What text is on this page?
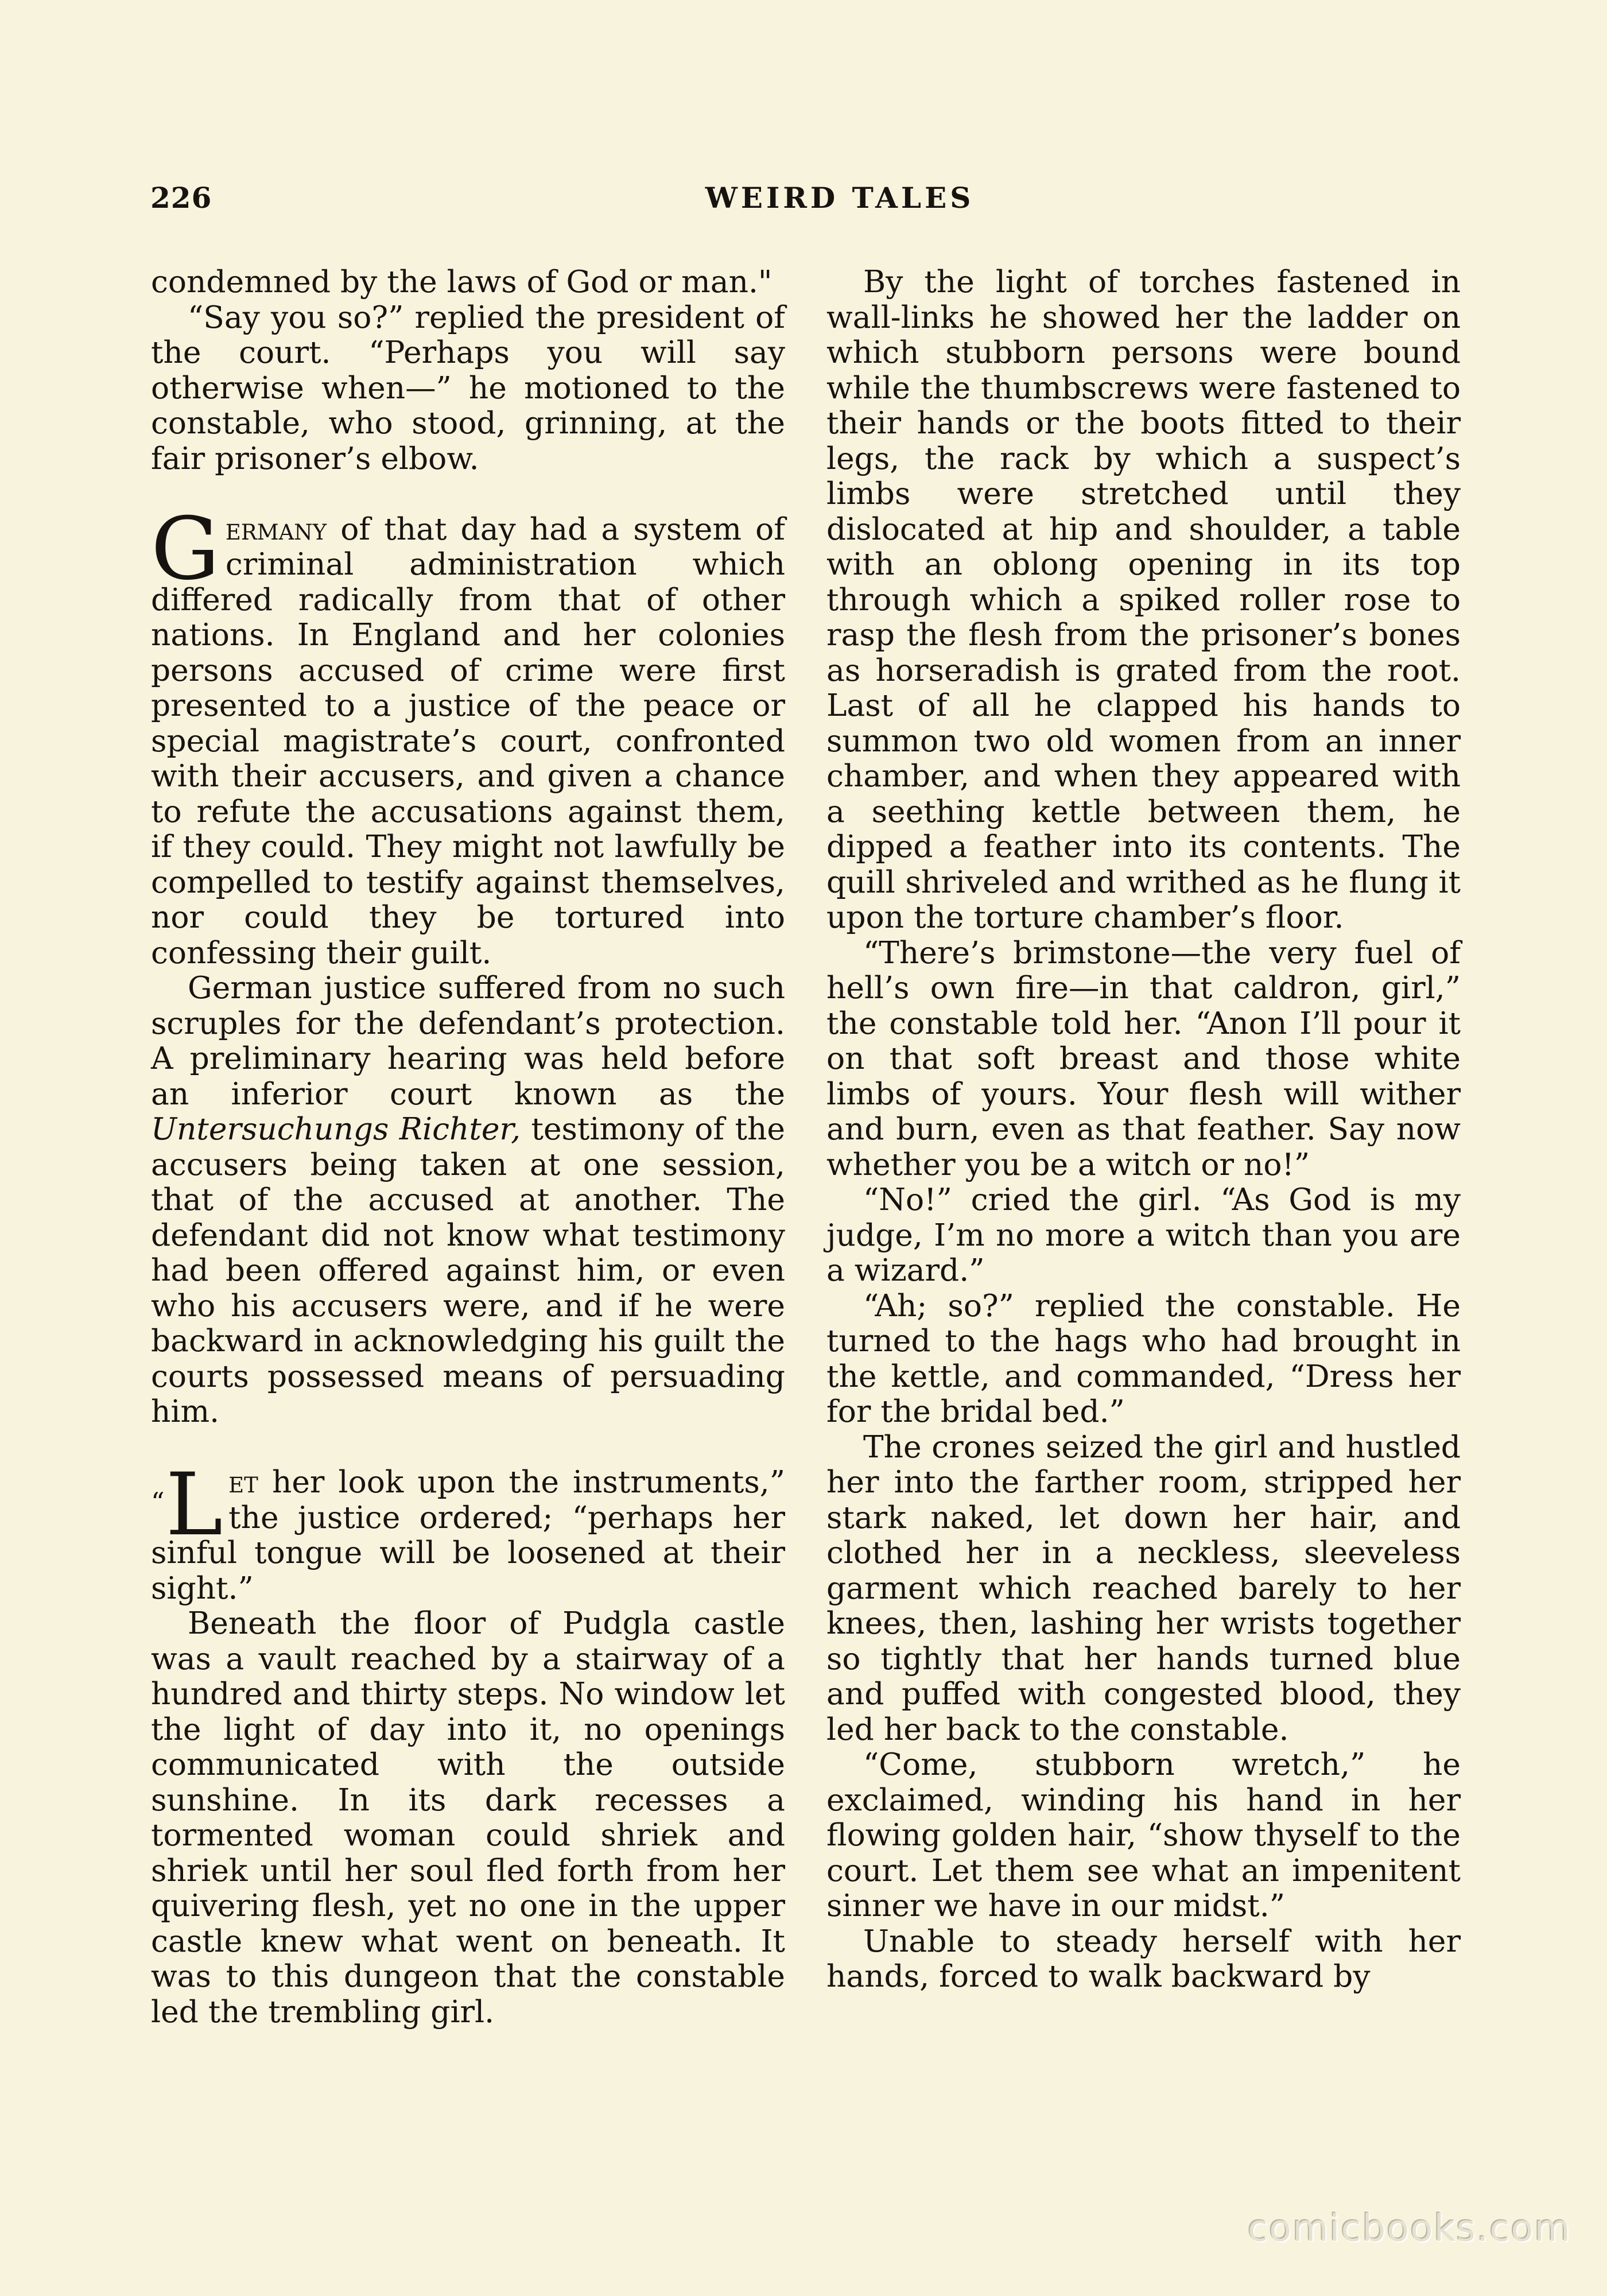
226	WEIRD TALES

condemned by the laws of God or man."

“Say you so?” replied the president of the court. “Perhaps you will say otherwise when—” he motioned to the constable, who stood, grinning, at the fair prisoner’s elbow.

Germany of that day had a system of criminal administration which differed radically from that of other nations. In England and her colonies persons accused of crime were first presented to a justice of the peace or special magistrate’s court, confronted with their accusers, and given a chance to refute the accusations against them, if they could. They might not lawfully be compelled to testify against themselves, nor could they be tortured into confessing their guilt.

German justice suffered from no such scruples for the defendant’s protection. A preliminary hearing was held before an inferior court known as the Untersuchungs Richter, testimony of the accusers being taken at one session, that of the accused at another. The defendant did not know what testimony had been offered against him, or even who his accusers were, and if he were backward in acknowledging his guilt the courts possessed means of persuading him.

“L et her look upon the instruments,” the justice ordered; “perhaps her sinful tongue will be loosened at their sight.”

Beneath the floor of Pudgla castle was a vault reached by a stairway of a hundred and thirty steps. No window let the light of day into it, no openings communicated with the outside sunshine. In its dark recesses a tormented woman could shriek and shriek until her soul fled forth from her quivering flesh, yet no one in the upper castle knew what went on beneath. It was to this dungeon that the constable led the trembling girl.

By the light of torches fastened in wall-links he showed her the ladder on which stubborn persons were bound while the thumbscrews were fastened to their hands or the boots fitted to their legs, the rack by which a suspect’s limbs were stretched until they dislocated at hip and shoulder, a table with an oblong opening in its top through which a spiked roller rose to rasp the flesh from the prisoner’s bones as horseradish is grated from the root. Last of all he clapped his hands to summon two old women from an inner chamber, and when they appeared with a seething kettle between them, he dipped a feather into its contents. The quill shriveled and writhed as he flung it upon the torture chamber’s floor.

“There’s brimstone—the very fuel of hell’s own fire—in that caldron, girl,” the constable told her. “Anon I’ll pour it on that soft breast and those white limbs of yours. Your flesh will wither and burn, even as that feather. Say now whether you be a witch or no!”

“No!” cried the girl. “As God is my judge, I’m no more a witch than you are a wizard.”

“Ah; so?” replied the constable. He turned to the hags who had brought in the kettle, and commanded, “Dress her for the bridal bed.”

The crones seized the girl and hustled her into the farther room, stripped her stark naked, let down her hair, and clothed her in a neckless, sleeveless garment which reached barely to her knees, then, lashing her wrists together so tightly that her hands turned blue and puffed with congested blood, they led her back to the constable.

“Come, stubborn wretch,” he exclaimed, winding his hand in her flowing golden hair, “show thyself to the court. Let them see what an impenitent sinner we have in our midst.”

Unable to steady herself with her hands, forced to walk backward by

comicbooks.com
